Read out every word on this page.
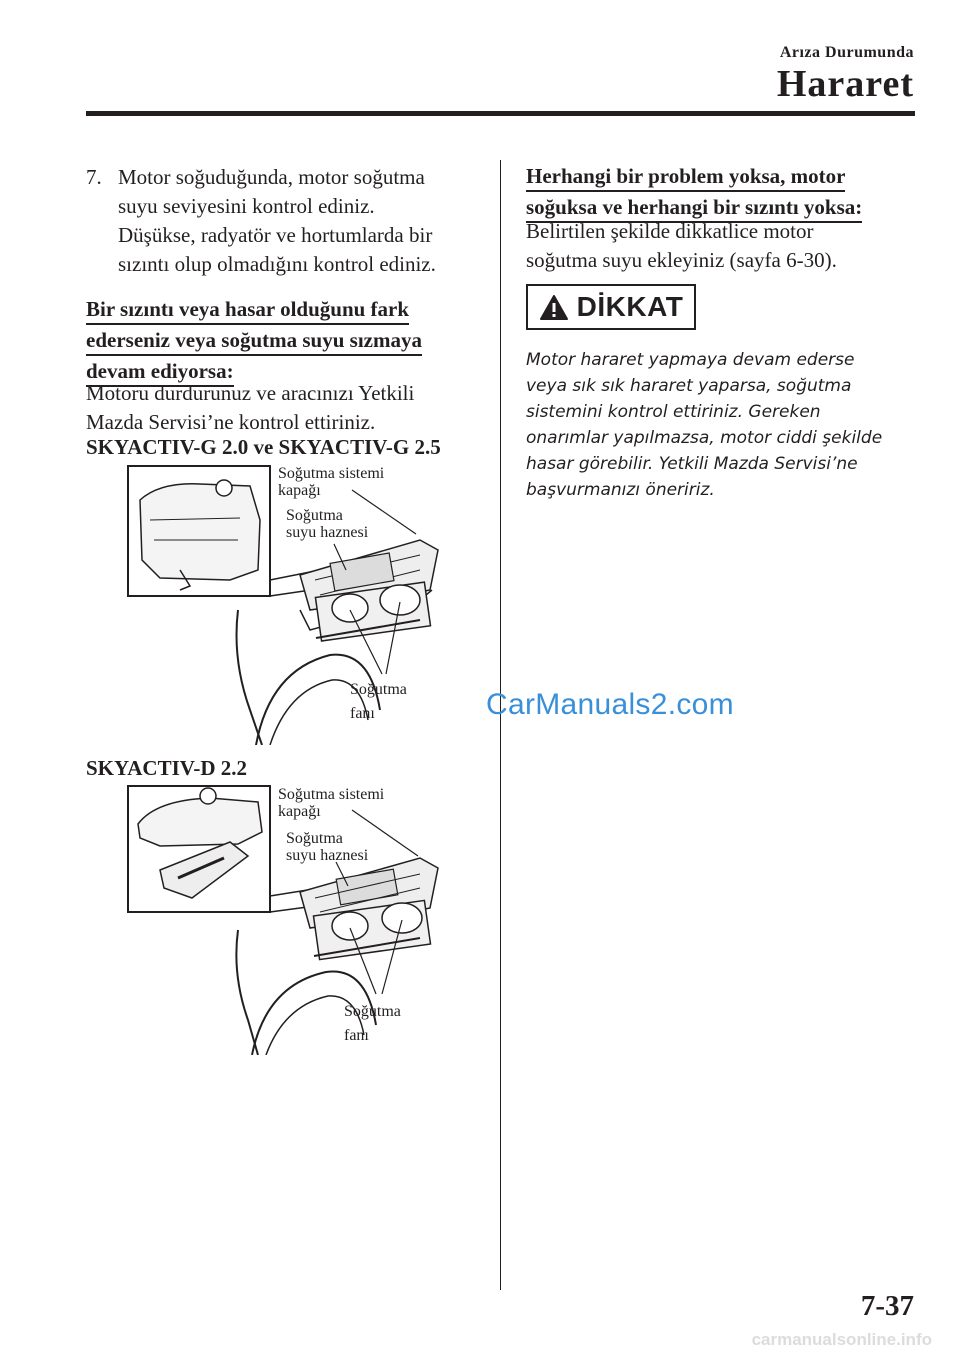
Arıza Durumunda
Hararet
7. Motor soğuduğunda, motor soğutma
suyu seviyesini kontrol ediniz.
Düşükse, radyatör ve hortumlarda bir
sızıntı olup olmadığını kontrol ediniz.
Bir sızıntı veya hasar olduğunu fark
ederseniz veya soğutma suyu sızmaya
devam ediyorsa:
Motoru durdurunuz ve aracınızı Yetkili
Mazda Servisi’ne kontrol ettiriniz.
SKYACTIV-G 2.0 ve SKYACTIV-G 2.5
Soğutma sistemi
kapağı
Soğutma
suyu haznesi
Soğutma
fanı
SKYACTIV-D 2.2
Soğutma sistemi
kapağı
Soğutma
suyu haznesi
Soğutma
fanı
Herhangi bir problem yoksa, motor
soğuksa ve herhangi bir sızıntı yoksa:
Belirtilen şekilde dikkatlice motor
soğutma suyu ekleyiniz (sayfa 6-30).
DİKKAT
Motor hararet yapmaya devam ederse
veya sık sık hararet yaparsa, soğutma
sistemini kontrol ettiriniz. Gereken
onarımlar yapılmazsa, motor ciddi şekilde
hasar görebilir. Yetkili Mazda Servisi’ne
başvurmanızı öneririz.
CarManuals2.com
7-37
carmanualsonline.info
